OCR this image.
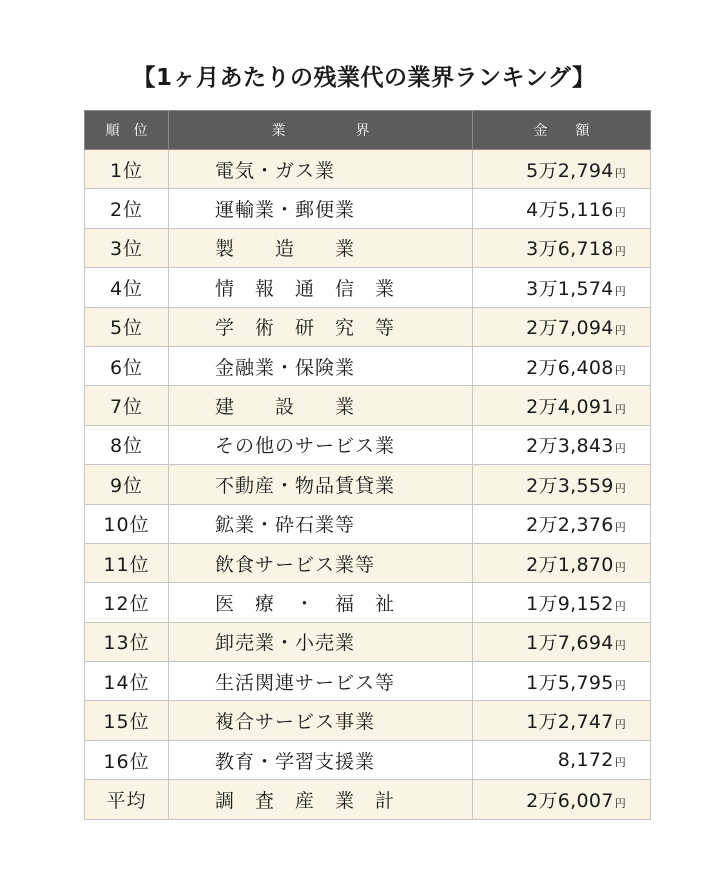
【1ヶ月あたりの残業代の業界ランキング】
順　位	業　　　　　界	金　　額
1位	電気・ガス業	5万2,794円
2位	運輸業・郵便業	4万5,116円
3位	製　　造　　業	3万6,718円
4位	情　報　通　信　業	3万1,574円
5位	学　術　研　究　等	2万7,094円
6位	金融業・保険業	2万6,408円
7位	建　　設　　業	2万4,091円
8位	その他のサービス業	2万3,843円
9位	不動産・物品賃貸業	2万3,559円
10位	鉱業・砕石業等	2万2,376円
11位	飲食サービス業等	2万1,870円
12位	医　療　・　福　祉	1万9,152円
13位	卸売業・小売業	1万7,694円
14位	生活関連サービス等	1万5,795円
15位	複合サービス事業	1万2,747円
16位	教育・学習支援業	8,172円
平均	調　査　産　業　計	2万6,007円
